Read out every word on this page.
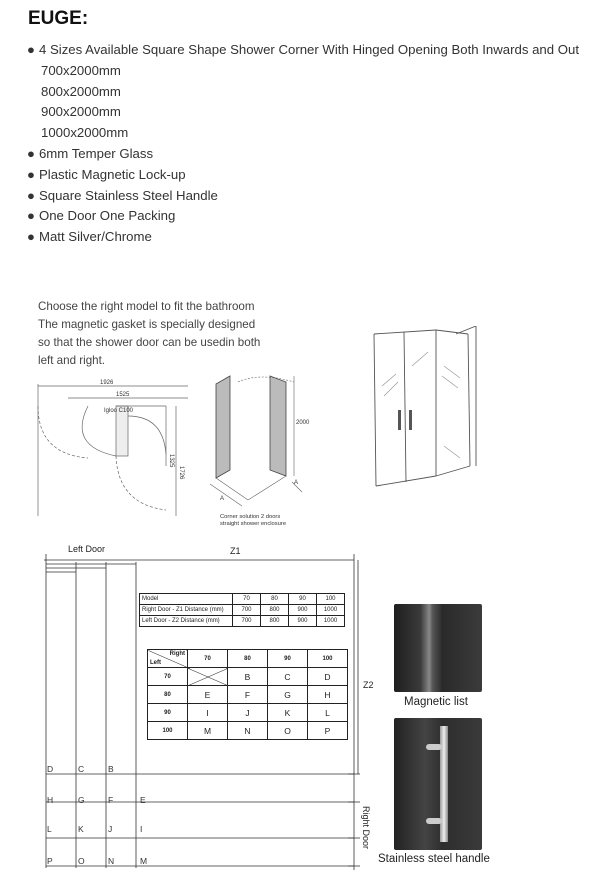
EUGE:
● 4 Sizes Available Square Shape Shower Corner With Hinged Opening Both Inwards and Out
700x2000mm
800x2000mm
900x2000mm
1000x2000mm
● 6mm Temper Glass
● Plastic Magnetic Lock-up
● Square Stainless Steel Handle
● One Door One Packing
● Matt Silver/Chrome
Choose the right model to fit the bathroom
The magnetic gasket is specially designed
so that the shower door can be usedin both
left and right.
1926
1525
Igloo C100
1325
1726
2000
A
A
Corner solution 2 doors
straight shower enclosure
Left Door	Z1
Z2
Right Door
D	C	B
H	G	F	E
L	K	J	I
P	O	N	M
Model	70	80	90	100
Right Door - Z1 Distance (mm)	700	800	900	1000
Left Door - Z2 Distance (mm)	700	800	900	1000
Right
Left	70	80	90	100
70		B	C	D
80	E	F	G	H
90	I	J	K	L
100	M	N	O	P
Magnetic list
Stainless steel handle
